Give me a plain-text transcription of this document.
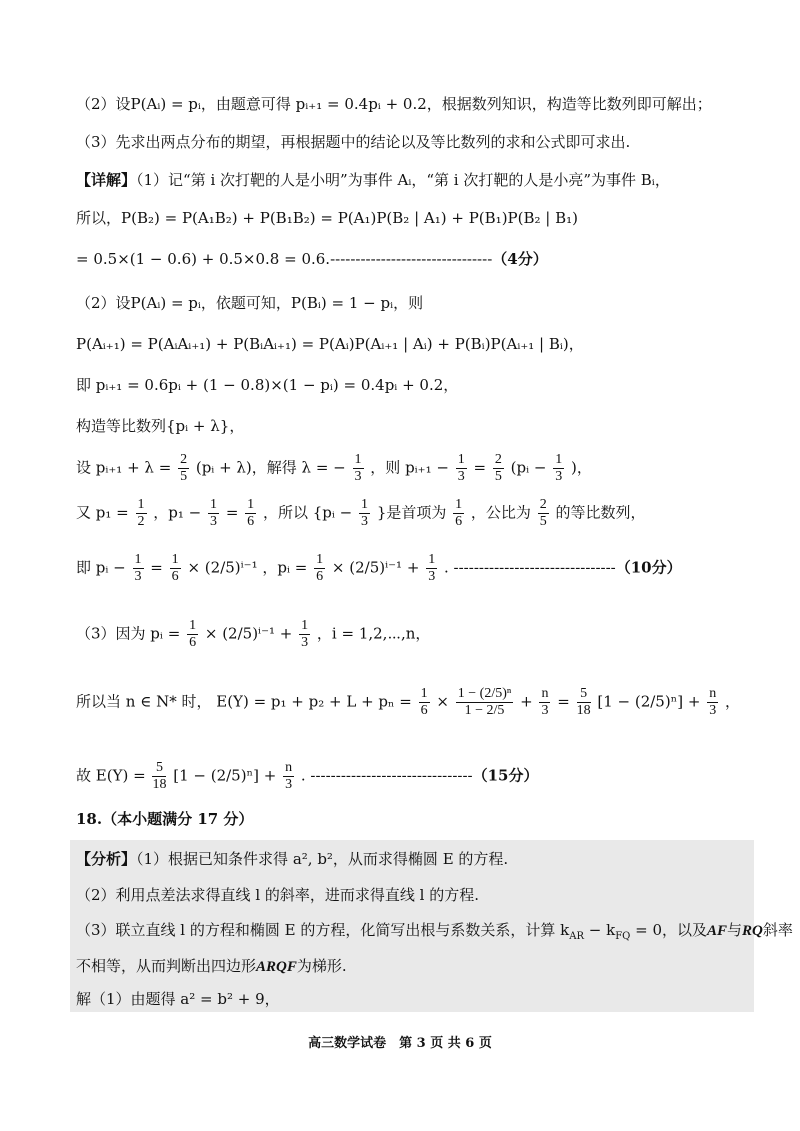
（2）设P(Aᵢ) = pᵢ，由题意可得 pᵢ₊₁ = 0.4pᵢ + 0.2，根据数列知识，构造等比数列即可解出；
（3）先求出两点分布的期望，再根据题中的结论以及等比数列的求和公式即可求出.
【详解】（1）记“第 i 次打靶的人是小明”为事件 Aᵢ，“第 i 次打靶的人是小亮”为事件 Bᵢ，
所以，P(B₂) = P(A₁B₂) + P(B₁B₂) = P(A₁)P(B₂ | A₁) + P(B₁)P(B₂ | B₁)
= 0.5×(1 − 0.6) + 0.5×0.8 = 0.6.--------------------------------（4分）
（2）设P(Aᵢ) = pᵢ，依题可知，P(Bᵢ) = 1 − pᵢ，则
P(Aᵢ₊₁) = P(AᵢAᵢ₊₁) + P(BᵢAᵢ₊₁) = P(Aᵢ)P(Aᵢ₊₁ | Aᵢ) + P(Bᵢ)P(Aᵢ₊₁ | Bᵢ)，
即 pᵢ₊₁ = 0.6pᵢ + (1 − 0.8)×(1 − pᵢ) = 0.4pᵢ + 0.2，
构造等比数列{pᵢ + λ}，
设 pᵢ₊₁ + $\lambda = \frac{2}{5}$ (pᵢ + λ)，解得 λ = − $\frac{1}{3}$ ，则 pᵢ₊₁ − $\frac{1}{3} = \frac{2}{5}$ (pᵢ − $\frac{1}{3}$ )，
又 $p_1 = \frac{1}{2}$ ，$p_1 - \frac{1}{3} = \frac{1}{6}$ ，所以 {pᵢ − $\frac{1}{3}$ }是首项为 $\frac{1}{6}$ ，公比为 $\frac{2}{5}$ 的等比数列，
即 pᵢ − $\frac{1}{3} = \frac{1}{6} \times (2/5)^{i-1}$ ，pᵢ = $\frac{1}{6} \times (2/5)^{i-1} + \frac{1}{3}$ . --------------------------------（10分）
（3）因为 pᵢ = $\frac{1}{6} \times (2/5)^{i-1} + \frac{1}{3}$ ，i = 1,2,⋯,n，
所以当 n ∈ N* 时， $E(Y) = p_1 + p_2 + L + p_n = \frac{1}{6} \times \frac{\text{1 − (2/5)ⁿ}}{1 - 2/5} + \frac{n}{3} = \frac{5}{18} [1 - (2/5)^n] + \frac{n}{3}$ ，
故 $E(Y) = \frac{5}{18} [1 - (2/5)^n] + \frac{n}{3}$ . --------------------------------（15分）
18.（本小题满分 17 分）
【分析】（1）根据已知条件求得 a², b²，从而求得椭圆 E 的方程.
（2）利用点差法求得直线 l 的斜率，进而求得直线 l 的方程.
（3）联立直线 l 的方程和椭圆 E 的方程，化简写出根与系数关系，计算 $k_{AR} - k_{FQ} = 0$，以及AF与RQ斜率
不相等，从而判断出四边形ARQF为梯形.
解（1）由题得 a² = b² + 9，
高三数学试卷　第 3 页 共 6 页
